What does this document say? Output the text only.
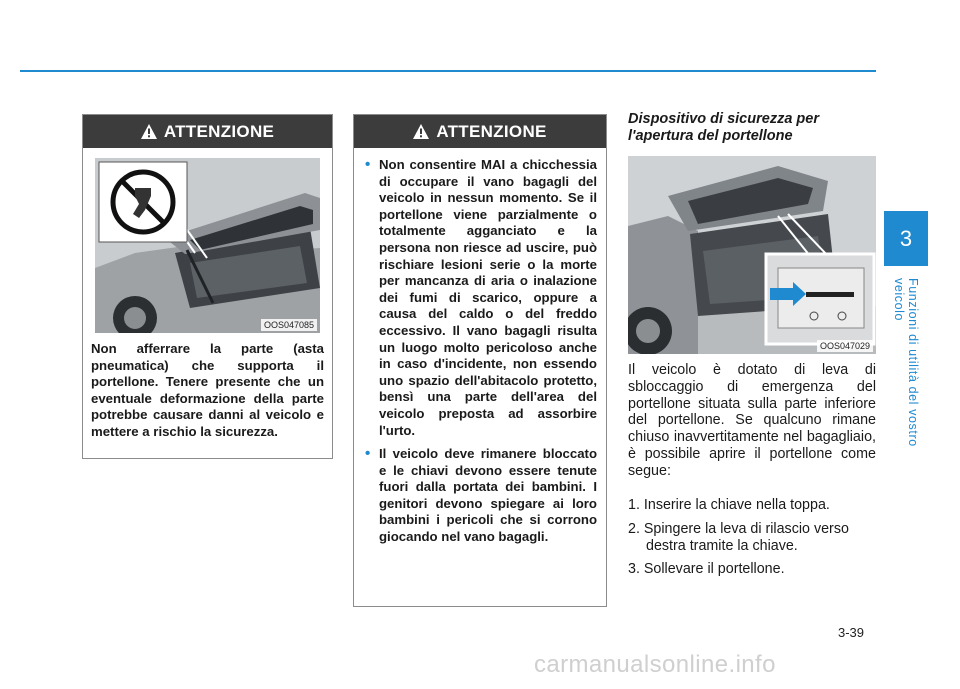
3
Funzioni di utilità del vostro veicolo
ATTENZIONE
OOS047085
Non afferrare la parte (asta pneumatica) che supporta il portellone. Tenere presente che un eventuale deformazione della parte potrebbe causare danni al veicolo e mettere a rischio la sicurezza.
ATTENZIONE
• Non consentire MAI a chicchessia di occupare il vano bagagli del veicolo in nessun momento. Se il portellone viene parzialmente o totalmente agganciato e la persona non riesce ad uscire, può rischiare lesioni serie o la morte per mancanza di aria o inalazione dei fumi di scarico, oppure a causa del caldo o del freddo eccessivo. Il vano bagagli risulta un luogo molto pericoloso anche in caso d'incidente, non essendo uno spazio dell'abitacolo protetto, bensì una parte dell'area del veicolo preposta ad assorbire l'urto.
• Il veicolo deve rimanere bloccato e le chiavi devono essere tenute fuori dalla portata dei bambini. I genitori devono spiegare ai loro bambini i pericoli che si corrono giocando nel vano bagagli.
Dispositivo di sicurezza per l'apertura del portellone
OOS047029
Il veicolo è dotato di leva di sbloccaggio di emergenza del portellone situata sulla parte inferiore del portellone. Se qualcuno rimane chiuso inavvertitamente nel bagagliaio, è possibile aprire il portellone come segue:
1. Inserire la chiave nella toppa.
2. Spingere la leva di rilascio verso destra tramite la chiave.
3. Sollevare il portellone.
3-39
carmanualsonline.info
